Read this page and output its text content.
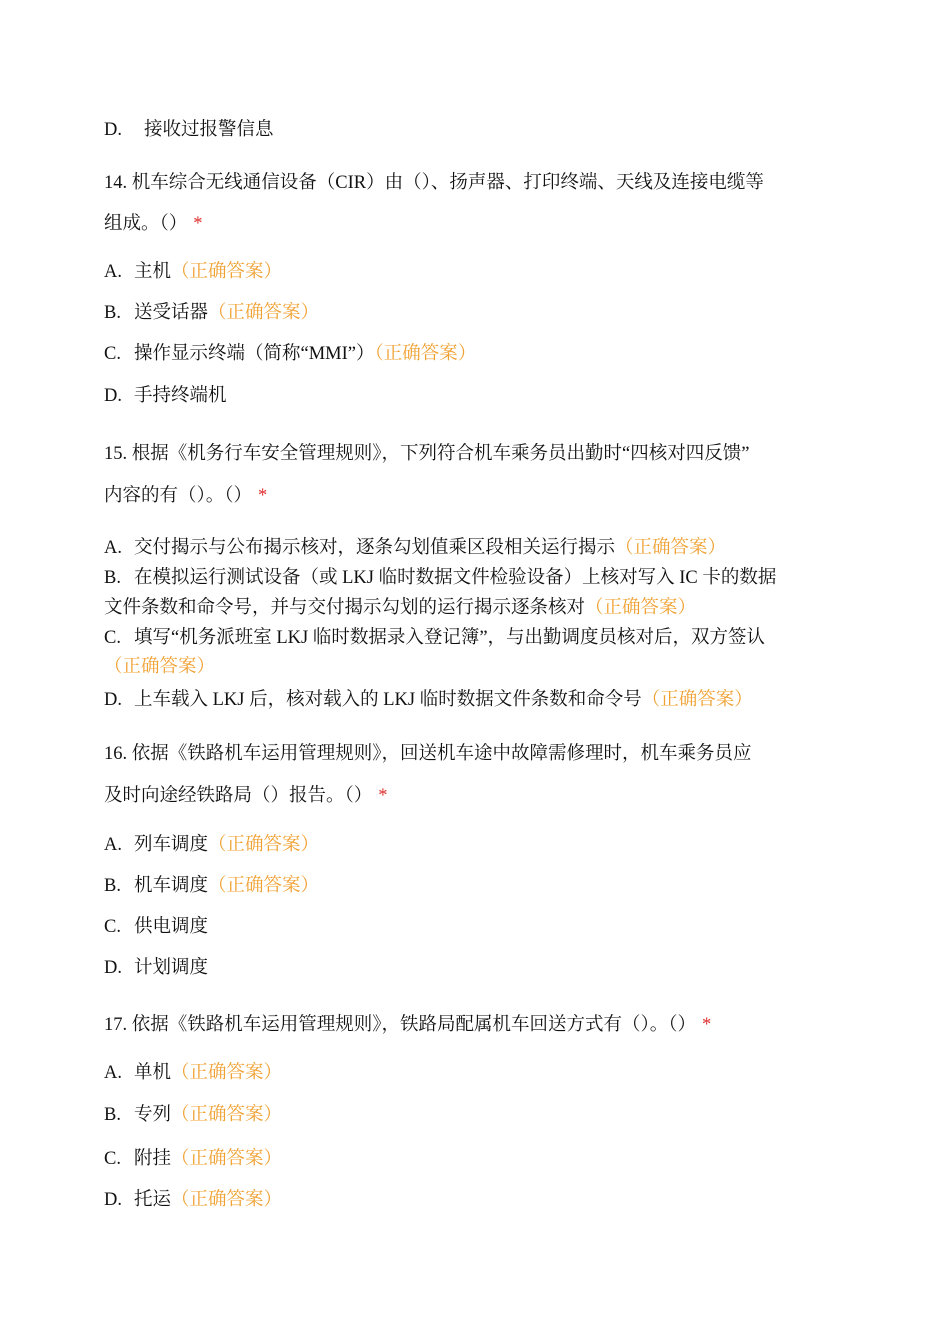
D. 接收过报警信息

14. 机车综合无线通信设备（CIR）由（）、扬声器、打印终端、天线及连接电缆等

组成。（） *

A. 主机（正确答案）

B. 送受话器（正确答案）

C. 操作显示终端（简称“MMI”）（正确答案）

D. 手持终端机

15. 根据《机务行车安全管理规则》，下列符合机车乘务员出勤时“四核对四反馈”

内容的有（）。（） *

A. 交付揭示与公布揭示核对，逐条勾划值乘区段相关运行揭示（正确答案）

B. 在模拟运行测试设备（或 LKJ 临时数据文件检验设备）上核对写入 IC 卡的数据

文件条数和命令号，并与交付揭示勾划的运行揭示逐条核对（正确答案）

C. 填写“机务派班室 LKJ 临时数据录入登记簿”，与出勤调度员核对后，双方签认

（正确答案）

D. 上车载入 LKJ 后，核对载入的 LKJ 临时数据文件条数和命令号（正确答案）

16. 依据《铁路机车运用管理规则》，回送机车途中故障需修理时，机车乘务员应

及时向途经铁路局（）报告。（） *

A. 列车调度（正确答案）

B. 机车调度（正确答案）

C. 供电调度

D. 计划调度

17. 依据《铁路机车运用管理规则》，铁路局配属机车回送方式有（）。（） *

A. 单机（正确答案）

B. 专列（正确答案）

C. 附挂（正确答案）

D. 托运（正确答案）
